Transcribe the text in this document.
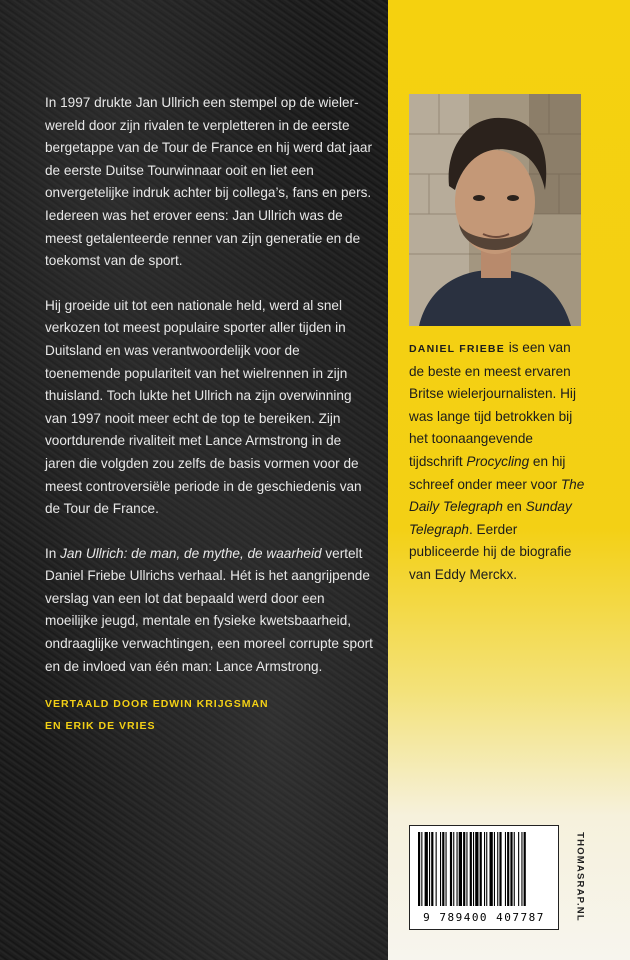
In 1997 drukte Jan Ullrich een stempel op de wielerwereld door zijn rivalen te verpletteren in de eerste bergetappe van de Tour de France en hij werd dat jaar de eerste Duitse Tourwinnaar ooit en liet een onvergetelijke indruk achter bij collega’s, fans en pers. Iedereen was het erover eens: Jan Ullrich was de meest getalenteerde renner van zijn generatie en de toekomst van de sport.

Hij groeide uit tot een nationale held, werd al snel verkozen tot meest populaire sporter aller tijden in Duitsland en was verantwoordelijk voor de toenemende populariteit van het wielrennen in zijn thuisland. Toch lukte het Ullrich na zijn overwinning van 1997 nooit meer echt de top te bereiken. Zijn voortdurende rivaliteit met Lance Armstrong in de jaren die volgden zou zelfs de basis vormen voor de meest controversiële periode in de geschiedenis van de Tour de France.

In Jan Ullrich: de man, de mythe, de waarheid vertelt Daniel Friebe Ullrichs verhaal. Hét is het aangrijpende verslag van een lot dat bepaald werd door een moeilijke jeugd, mentale en fysieke kwetsbaarheid, ondraaglijke verwachtingen, een moreel corrupte sport en de invloed van één man: Lance Armstrong.

VERTAALD DOOR EDWIN KRIJGSMAN
EN ERIK DE VRIES
DANIEL FRIEBE is een van de beste en meest ervaren Britse wielerjournalisten. Hij was lange tijd betrokken bij het toonaangevende tijdschrift Procycling en hij schreef onder meer voor The Daily Telegraph en Sunday Telegraph. Eerder publiceerde hij de biografie van Eddy Merckx.
9 789400 407787	THOMASRAP.NL
